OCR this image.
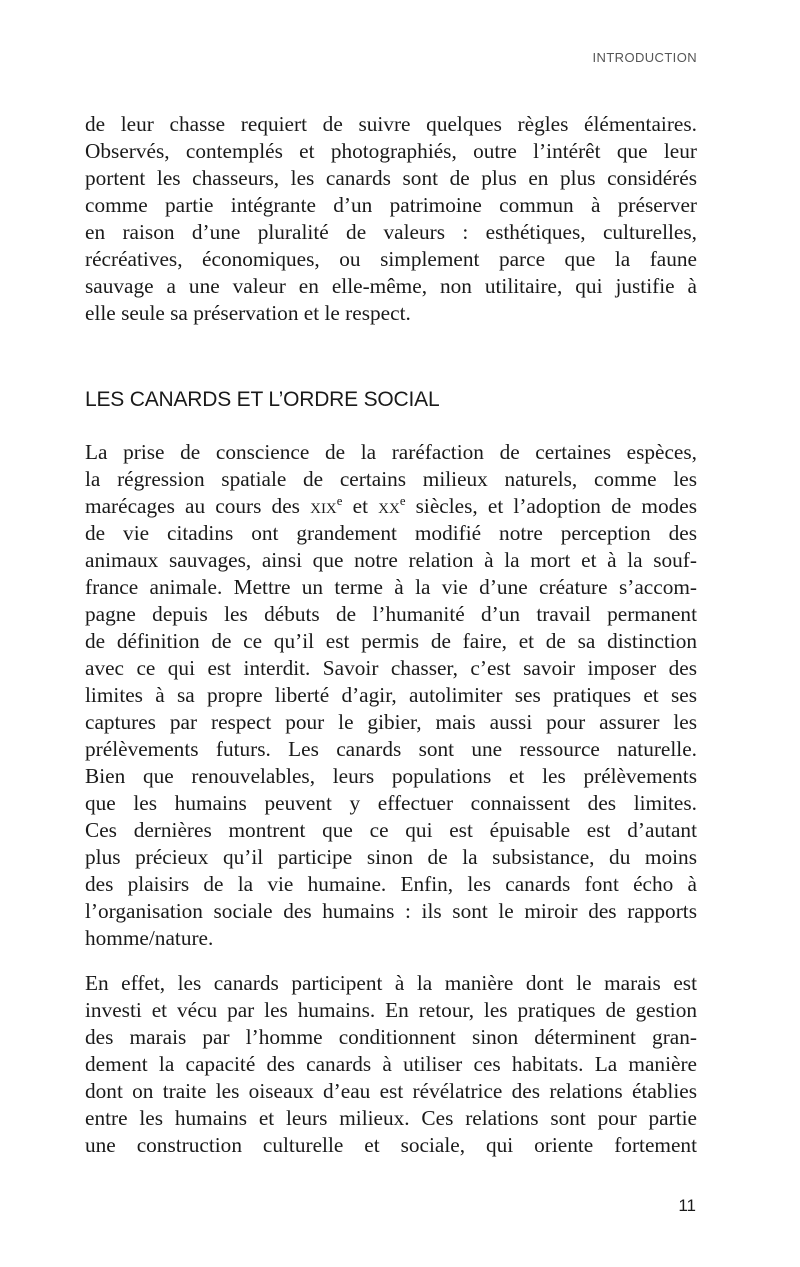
INTRODUCTION
de leur chasse requiert de suivre quelques règles élémentaires.
Observés, contemplés et photographiés, outre l’intérêt que leur
portent les chasseurs, les canards sont de plus en plus considérés
comme partie intégrante d’un patrimoine commun à préserver
en raison d’une pluralité de valeurs : esthétiques, culturelles,
récréatives, économiques, ou simplement parce que la faune
sauvage a une valeur en elle-même, non utilitaire, qui justifie à
elle seule sa préservation et le respect.
LES CANARDS ET L’ORDRE SOCIAL
La prise de conscience de la raréfaction de certaines espèces,
la régression spatiale de certains milieux naturels, comme les
marécages au cours des xix$^e$ et $xx^e$ siècles, et l’adoption de modes
de vie citadins ont grandement modifié notre perception des
animaux sauvages, ainsi que notre relation à la mort et à la souf-
france animale. Mettre un terme à la vie d’une créature s’accom-
pagne depuis les débuts de l’humanité d’un travail permanent
de définition de ce qu’il est permis de faire, et de sa distinction
avec ce qui est interdit. Savoir chasser, c’est savoir imposer des
limites à sa propre liberté d’agir, autolimiter ses pratiques et ses
captures par respect pour le gibier, mais aussi pour assurer les
prélèvements futurs. Les canards sont une ressource naturelle.
Bien que renouvelables, leurs populations et les prélèvements
que les humains peuvent y effectuer connaissent des limites.
Ces dernières montrent que ce qui est épuisable est d’autant
plus précieux qu’il participe sinon de la subsistance, du moins
des plaisirs de la vie humaine. Enfin, les canards font écho à
l’organisation sociale des humains : ils sont le miroir des rapports
homme/nature.
En effet, les canards participent à la manière dont le marais est
investi et vécu par les humains. En retour, les pratiques de gestion
des marais par l’homme conditionnent sinon déterminent gran-
dement la capacité des canards à utiliser ces habitats. La manière
dont on traite les oiseaux d’eau est révélatrice des relations établies
entre les humains et leurs milieux. Ces relations sont pour partie
une construction culturelle et sociale, qui oriente fortement
11
